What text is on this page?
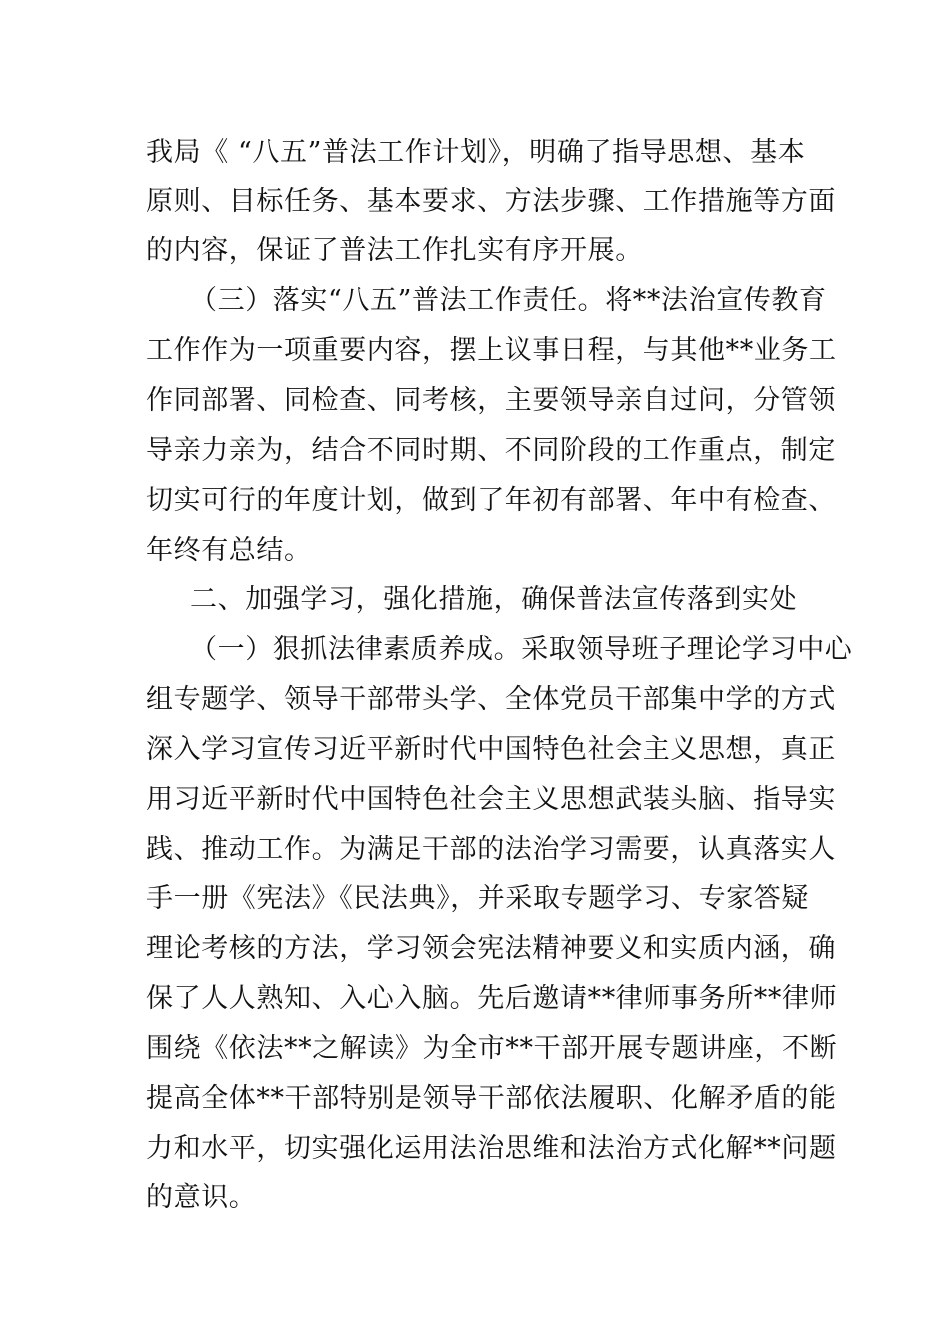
我局《 “八五”普法工作计划》，明确了指导思想、基本
原则、目标任务、基本要求、方法步骤、工作措施等方面
的内容，保证了普法工作扎实有序开展。
（三）落实“八五”普法工作责任。将**法治宣传教育
工作作为一项重要内容，摆上议事日程，与其他**业务工
作同部署、同检查、同考核，主要领导亲自过问，分管领
导亲力亲为，结合不同时期、不同阶段的工作重点，制定
切实可行的年度计划，做到了年初有部署、年中有检查、
年终有总结。
二、加强学习，强化措施，确保普法宣传落到实处
（一）狠抓法律素质养成。采取领导班子理论学习中心
组专题学、领导干部带头学、全体党员干部集中学的方式
深入学习宣传习近平新时代中国特色社会主义思想，真正
用习近平新时代中国特色社会主义思想武装头脑、指导实
践、推动工作。为满足干部的法治学习需要，认真落实人
手一册《宪法》《民法典》，并采取专题学习、专家答疑
理论考核的方法，学习领会宪法精神要义和实质内涵，确
保了人人熟知、入心入脑。先后邀请**律师事务所**律师
围绕《依法**之解读》为全市**干部开展专题讲座，不断
提高全体**干部特别是领导干部依法履职、化解矛盾的能
力和水平，切实强化运用法治思维和法治方式化解**问题
的意识。
